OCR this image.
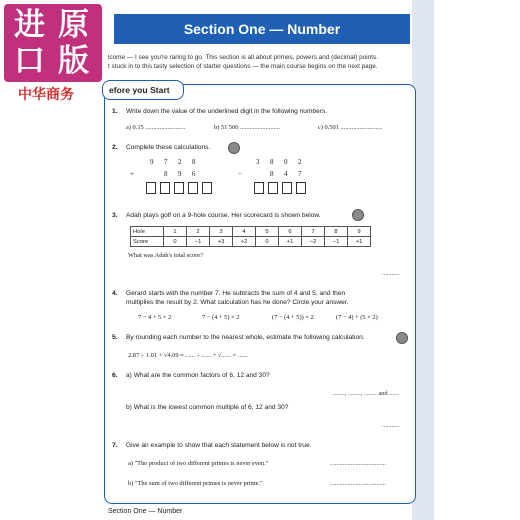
进 原
口 版
中华商务
Section One — Number
lcome — I see you're raring to go. This section is all about primes, powers and (decimal) points.
t stuck in to this tasty selection of starter questions — the main course begins on the next page.
efore you Start
1. Write down the value of the underlined digit in the following numbers.
a) 0.15 .........................	b) 51 500 .........................	c) 0.501 ..........................
2. Complete these calculations.
9 7 2 8
+	8 9 6
3 8 0 2
−	8 4 7
3. Adah plays golf on a 9-hole course. Her scorecard is shown below.
Hole	1	2	3	4	5	6	7	8	9
Score	0	−1	+3	+2	0	+1	−2	−1	+1
What was Adah's total score?
...........
4. Gerard starts with the number 7. He subtracts the sum of 4 and 5, and then
multiplies the result by 2. What calculation has he done? Circle your answer.
7 − 4 + 5 × 2	7 − (4 + 5) × 2	(7 − (4 + 5)) × 2	(7 − 4) + (5 × 2)
5. By rounding each number to the nearest whole, estimate the following calculation.
2.87 ÷ 1.01 + √4.09 ≈ ...... ÷ ...... + √...... = ......
6. a) What are the common factors of 6, 12 and 30?
........, ........, ........ and ......
b) What is the lowest common multiple of 6, 12 and 30?
...........
7. Give an example to show that each statement below is not true.
a) "The product of two different primes is never even."	...................................
b) "The sum of two different primes is never prime."	...................................
Section One — Number
